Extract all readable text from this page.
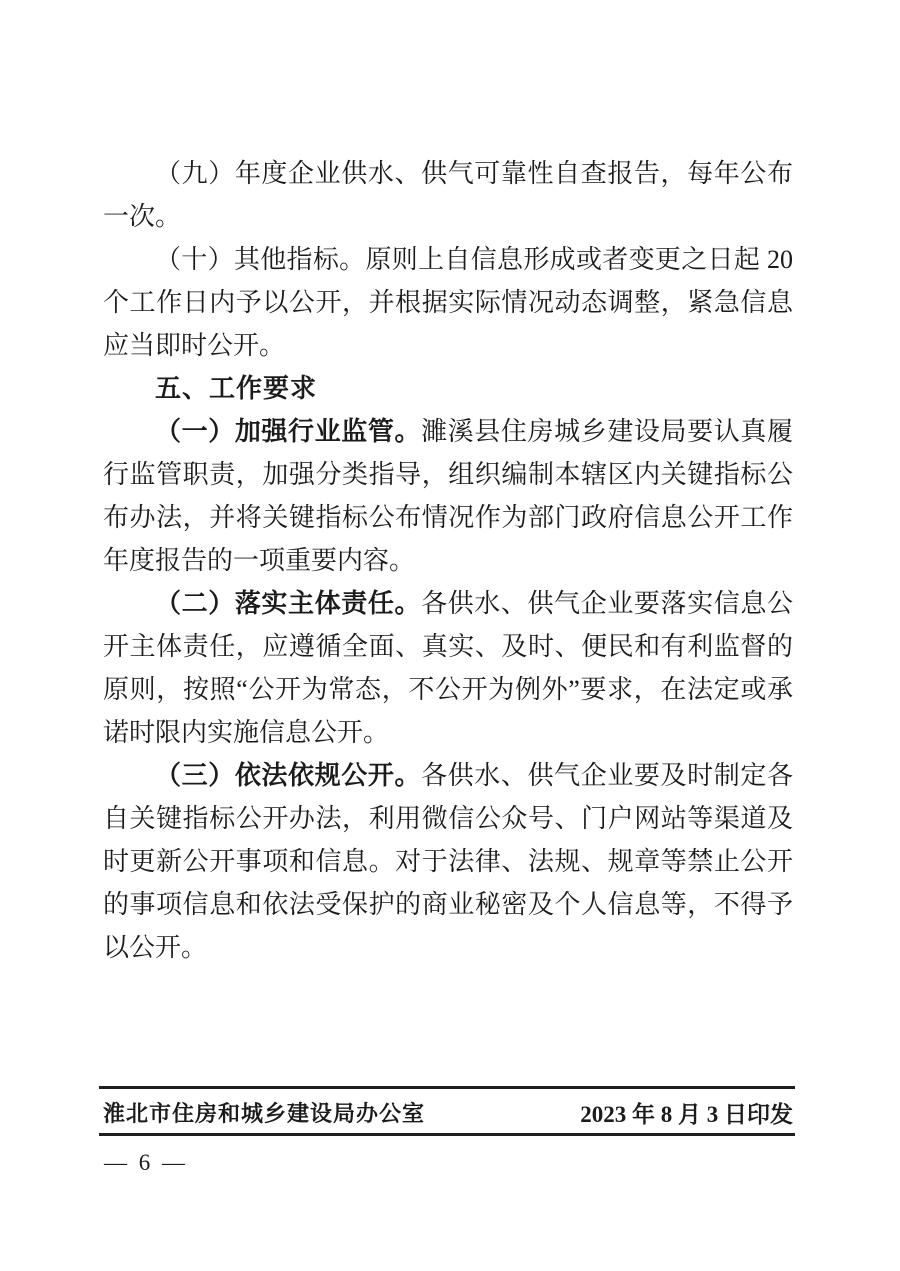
（九）年度企业供水、供气可靠性自查报告，每年公布一次。
（十）其他指标。原则上自信息形成或者变更之日起 20 个工作日内予以公开，并根据实际情况动态调整，紧急信息应当即时公开。
五、工作要求
（一）加强行业监管。濉溪县住房城乡建设局要认真履行监管职责，加强分类指导，组织编制本辖区内关键指标公布办法，并将关键指标公布情况作为部门政府信息公开工作年度报告的一项重要内容。
（二）落实主体责任。各供水、供气企业要落实信息公开主体责任，应遵循全面、真实、及时、便民和有利监督的原则，按照“公开为常态，不公开为例外”要求，在法定或承诺时限内实施信息公开。
（三）依法依规公开。各供水、供气企业要及时制定各自关键指标公开办法，利用微信公众号、门户网站等渠道及时更新公开事项和信息。对于法律、法规、规章等禁止公开的事项信息和依法受保护的商业秘密及个人信息等，不得予以公开。
淮北市住房和城乡建设局办公室	2023 年 8 月 3 日印发
— 6 —
